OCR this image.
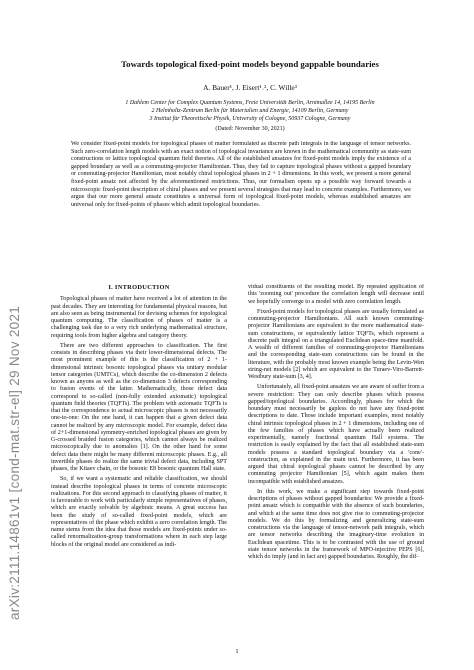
arXiv:2111.14861v1 [cond-mat.str-el] 29 Nov 2021
Towards topological fixed-point models beyond gappable boundaries
A. Bauer¹, J. Eisert¹˒², C. Wille³
1 Dahlem Center for Complex Quantum Systems, Freie Universität Berlin, Arnimallee 14, 14195 Berlin
2 Helmholtz-Zentrum Berlin für Materialien und Energie, 14109 Berlin, Germany
3 Institut für Theoretische Physik, University of Cologne, 50937 Cologne, Germany
(Dated: November 30, 2021)
We consider fixed-point models for topological phases of matter formulated as discrete path integrals in the language of tensor networks. Such zero-correlation length models with an exact notion of topological invariance are known in the mathematical community as state-sum constructions or lattice topological quantum field theories. All of the established ansatzes for fixed-point models imply the existence of a gapped boundary as well as a commuting-projector Hamiltonian. Thus, they fail to capture topological phases without a gapped boundary or commuting-projector Hamiltonian, most notably chiral topological phases in 2 + 1 dimensions. In this work, we present a more general fixed-point ansatz not affected by the aforementioned restrictions. Thus, our formalism opens up a possible way forward towards a microscopic fixed-point description of chiral phases and we present several strategies that may lead to concrete examples. Furthermore, we argue that our more general ansatz constitutes a universal form of topological fixed-point models, whereas established ansatzes are universal only for fixed-points of phases which admit topological boundaries.
I. INTRODUCTION

Topological phases of matter have received a lot of attention in the past decades. They are interesting for fundamental physical reasons, but are also seen as being instrumental for devising schemes for topological quantum computing. The classification of phases of matter is a challenging task due to a very rich underlying mathematical structure, requiring tools from higher algebra and category theory.

There are two different approaches to classification. The first consists in describing phases via their lower-dimensional defects. The most prominent example of this is the classification of 2 + 1-dimensional intrinsic bosonic topological phases via unitary modular tensor categories (UMTCs), which describe the co-dimension 2 defects known as anyons as well as the co-dimension 3 defects corresponding to fusion events of the latter. Mathematically, those defect data correspond to so-called (non-fully extended axiomatic) topological quantum field theories (TQFTs). The problem with axiomatic TQFTs is that the correspondence to actual microscopic phases is not necessarily one-to-one: On the one hand, it can happen that a given defect data cannot be realized by any microscopic model. For example, defect data of 2+1-dimensional symmetry-enriched topological phases are given by G-crossed braided fusion categories, which cannot always be realized microscopically due to anomalies [1]. On the other hand for some defect data there might be many different microscopic phases. E.g., all invertible phases do realize the same trivial defect data, including SPT phases, the Kitaev chain, or the bosonic E8 bosonic quantum Hall state.

So, if we want a systematic and reliable classification, we should instead describe topological phases in terms of concrete microscopic realizations. For this second approach to classifying phases of matter, it is favourable to work with particularly simple representatives of phases, which are exactly solvable by algebraic means. A great success has been the study of so-called fixed-point models, which are representatives of the phase which exhibit a zero correlation length. The name stems from the idea that those models are fixed-points under so-called renormalization-group transformations where in each step large blocks of the original model are considered as indi-

vidual constituents of the resulting model. By repeated application of this 'zooming out' procedure the correlation length will decrease until we hopefully converge to a model with zero correlation length.

Fixed-point models for topological phases are usually formulated as commuting-projector Hamiltonians. All such known commuting-projector Hamiltonians are equivalent to the more mathematical state-sum constructions, or equivalently lattice TQFTs, which represent a discrete path integral on a triangulated Euclidean space-time manifold. A wealth of different families of commuting-projector Hamiltonians and the corresponding state-sum constructions can be found in the literature, with the probably most known example being the Levin-Wen string-net models [2] which are equivalent to the Turaev-Viro-Barrett-Westbury state-sum [3, 4].

Unfortunately, all fixed-point ansatzes we are aware of suffer from a severe restriction: They can only describe phases which possess gapped/topological boundaries. Accordingly, phases for which the boundary must necessarily be gapless do not have any fixed-point descriptions to date. Those include important examples, most notably chiral intrinsic topological phases in 2 + 1 dimensions, including one of the few families of phases which have actually been realized experimentally, namely fractional quantum Hall systems. The restriction is easily explained by the fact that all established state-sum models possess a standard topological boundary via a 'cone'-construction, as explained in the main text. Furthermore, it has been argued that chiral topological phases cannot be described by any commuting projector Hamiltonian [5], which again makes them incompatible with established ansatzes.

In this work, we make a significant step towards fixed-point descriptions of phases without gapped boundaries: We provide a fixed-point ansatz which is compatible with the absence of such boundaries, and which at the same time does not give rise to commuting-projector models. We do this by formalizing and generalizing state-sum constructions via the language of tensor-network path integrals, which are tensor networks describing the imaginary-time evolution in Euclidean spacetime. This is to be contrasted with the use of ground state tensor networks in the framework of MPO-injective PEPS [6], which do imply (and in fact are) gapped boundaries. Roughly, the dif-

1
